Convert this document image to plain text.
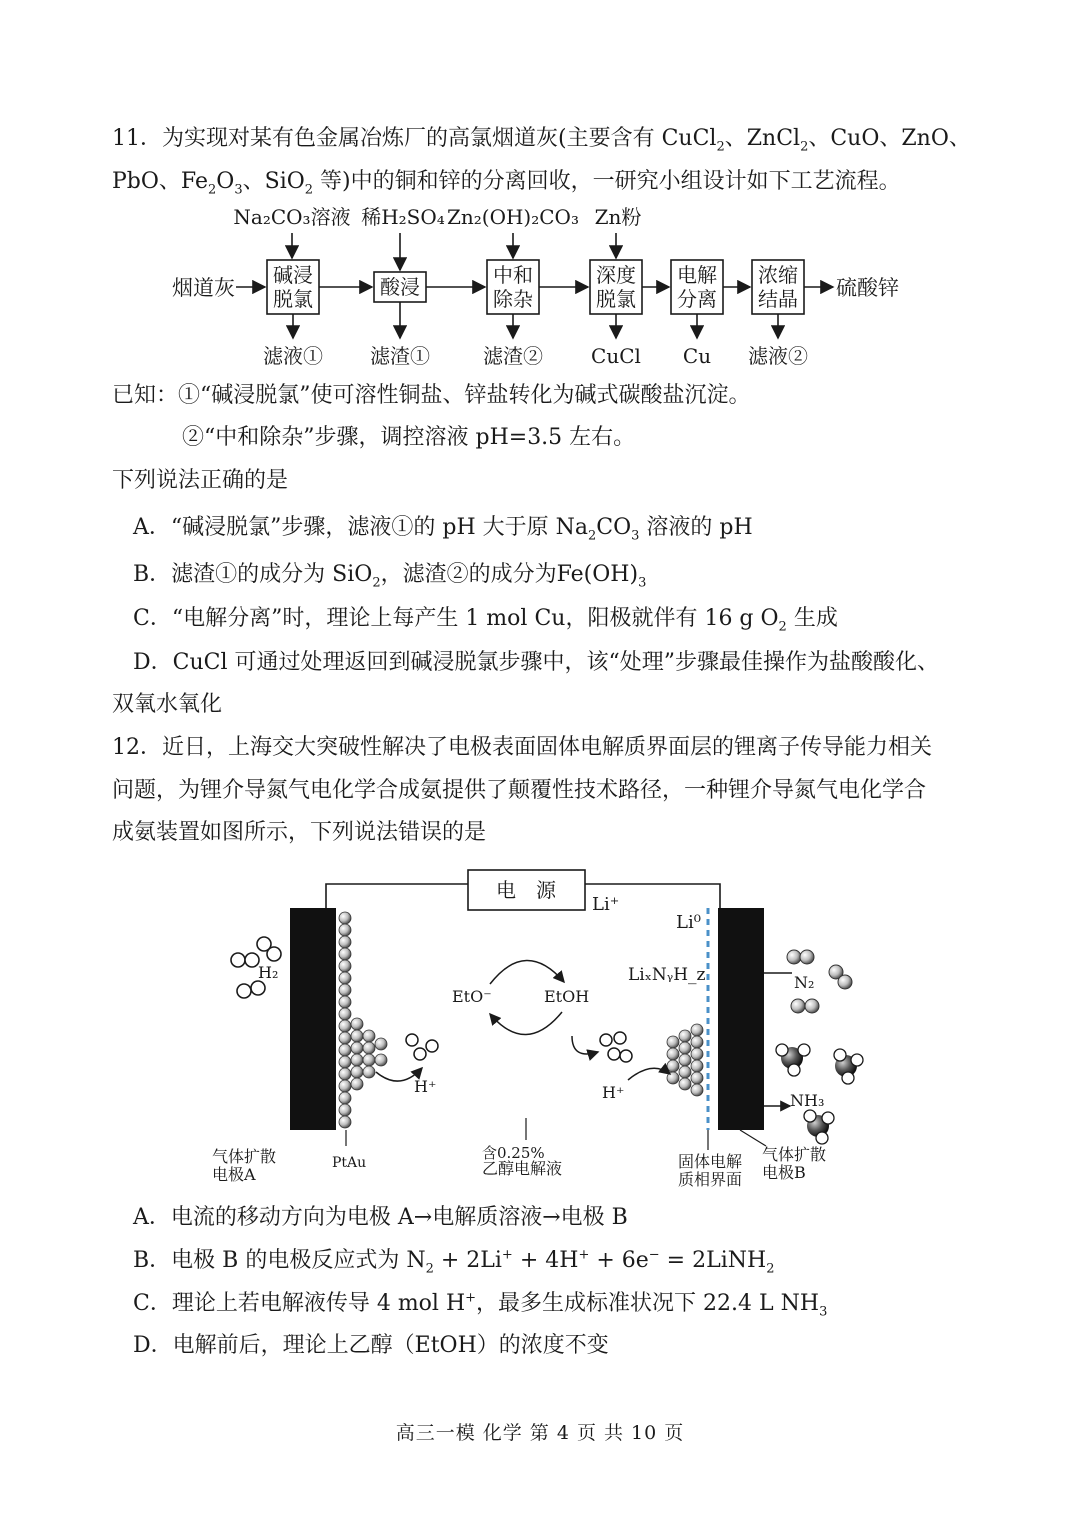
11．为实现对某有色金属冶炼厂的高氯烟道灰(主要含有 CuCl$_2$、ZnCl$_2$、CuO、ZnO、
PbO、$Fe_2O_3$、SiO$_2$ 等)中的铜和锌的分离回收，一研究小组设计如下工艺流程。
Na₂CO₃溶液 稀H₂SO₄ Zn₂(OH)₂CO₃ Zn粉
烟道灰	硫酸锌
碱浸
脱氯	酸浸	中和
除杂
深度
脱氯
电解
分离
浓缩
结晶
滤液① 滤渣①	滤渣② CuCl Cu 滤液②
已知：①“碱浸脱氯”使可溶性铜盐、锌盐转化为碱式碳酸盐沉淀。
②“中和除杂”步骤，调控溶液 pH=3.5 左右。
下列说法正确的是
A．“碱浸脱氯”步骤，滤液①的 pH 大于原 $Na_2CO_3$ 溶液的 pH
B．滤渣①的成分为 SiO$_2$，滤渣②的成分为$Fe(OH)_3$
C．“电解分离”时，理论上每产生 1 mol Cu，阳极就伴有 16 g $O_2$ 生成
D．CuCl 可通过处理返回到碱浸脱氯步骤中，该“处理”步骤最佳操作为盐酸酸化、
双氧水氧化
12．近日，上海交大突破性解决了电极表面固体电解质界面层的锂离子传导能力相关
问题，为锂介导氮气电化学合成氨提供了颠覆性技术路径，一种锂介导氮气电化学合
成氨装置如图所示，下列说法错误的是
电　源
Li⁺
Li⁰
LiₓNᵧH_z
H₂
N₂
NH₃
EtO⁻	EtOH
H⁺	H⁺
气体扩散
电极A
PtAu
含0.25%
乙醇电解液	固体电解
质相界面
气体扩散
电极B
A．电流的移动方向为电极 A→电解质溶液→电极 B
B．电极 B 的电极反应式为 $N_2 + 2Li^+ + 4H^+ + 6e^-$ = 2LiNH$_2$
C．理论上若电解液传导 4 mol H+，最多生成标准状况下 22.4 L $NH_3$
D．电解前后，理论上乙醇（EtOH）的浓度不变
高三一模 化学 第 4 页 共 10 页
